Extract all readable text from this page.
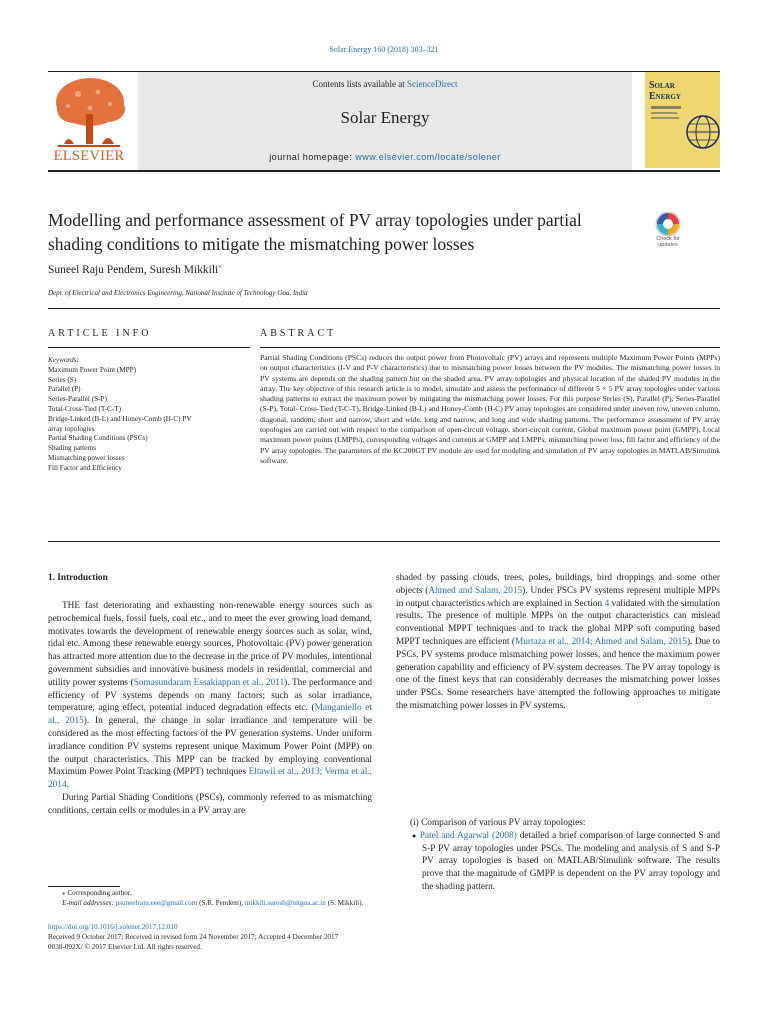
Solar Energy 160 (2018) 303–321
ELSEVIER
Contents lists available at ScienceDirect
Solar Energy
journal homepage: www.elsevier.com/locate/solener
Solar
Energy
Modelling and performance assessment of PV array topologies under partial
shading conditions to mitigate the mismatching power losses	Check for
updates
Suneel Raju Pendem, Suresh Mikkili⁎
Dept. of Electrical and Electronics Engineering, National Institute of Technology Goa, India
ARTICLE INFO	ABSTRACT
Keywords:
Maximum Power Point (MPP)
Series (S)
Parallel (P)
Series-Parallel (S-P)
Total-Cross-Tied (T-C-T)
Bridge-Linked (B-L) and Honey-Comb (H-C) PV
array topologies
Partial Shading Conditions (PSCs)
Shading patterns
Mismatching power losses
Fill Factor and Efficiency
Partial Shading Conditions (PSCs) reduces the output power from Photovoltaic (PV) arrays and represents multiple Maximum Power Points (MPPs) on output characteristics (I-V and P-V characteristics) due to mismatching power losses between the PV modules. The mismatching power losses in PV systems are depends on the shading pattern but on the shaded area, PV array topologies and physical location of the shaded PV modules in the array. The key objective of this research article is to model, simulate and assess the performance of different 5 × 5 PV array topologies under various shading patterns to extract the maximum power by mitigating the mismatching power losses. For this purpose Series (S), Parallel (P), Series-Parallel (S-P), Total- Cross-Tied (T-C-T), Bridge-Linked (B-L) and Honey-Comb (H-C) PV array topologies are considered under uneven row, uneven column, diagonal, random, short and narrow, short and wide, long and narrow, and long and wide shading patterns. The performance assessment of PV array topologies are carried out with respect to the comparison of open-circuit voltage, short-circuit current, Global maximum power point (GMPP), Local maximum power points (LMPPs), corresponding voltages and currents at GMPP and LMPPs, mismatching power loss, fill factor and efficiency of the PV array topologies. The parameters of the KC200GT PV module are used for modeling and simulation of PV array topologies in MATLAB/Simulink software.
1. Introduction

THE fast deteriorating and exhausting non-renewable energy sources such as petrochemical fuels, fossil fuels, coal etc., and to meet the ever growing load demand, motivates towards the development of renewable energy sources such as solar, wind, tidal etc. Among these renewable energy sources, Photovoltaic (PV) power generation has attracted more attention due to the decrease in the price of PV modules, intentional government subsidies and innovative business models in residential, commercial and utility power systems (Somasundaram Essakiappan et al., 2011). The performance and efficiency of PV systems depends on many factors; such as solar irradiance, temperature, aging effect, potential induced degradation effects etc. (Manganiello et al., 2015). In general, the change in solar irradiance and temperature will be considered as the most effecting factors of the PV generation systems. Under uniform irradiance condition PV systems represent unique Maximum Power Point (MPP) on the output characteristics. This MPP can be tracked by employing conventional Maximum Power Point Tracking (MPPT) techniques Eltawil et al., 2013; Verma et al., 2014.

During Partial Shading Conditions (PSCs), commonly referred to as mismatching conditions, certain cells or modules in a PV array are

shaded by passing clouds, trees, poles, buildings, bird droppings and some other objects (Ahmed and Salam, 2015). Under PSCs PV systems represent multiple MPPs in output characteristics which are explained in Section 4 validated with the simulation results. The presence of multiple MPPs on the output characteristics can mislead conventional MPPT techniques and to track the global MPP soft computing based MPPT techniques are efficient (Murtaza et al., 2014; Ahmed and Salam, 2015). Due to PSCs, PV systems produce mismatching power losses, and hence the maximum power generation capability and efficiency of PV system decreases. The PV array topology is one of the finest keys that can considerably decreases the mismatching power losses under PSCs. Some researchers have attempted the following approaches to mitigate the mismatching power losses in PV systems.

(i) Comparison of various PV array topologies:
● Patel and Agarwal (2008) detailed a brief comparison of large connected S and S-P PV array topologies under PSCs. The modeling and analysis of S and S-P PV array topologies is based on MATLAB/Simulink software. The results prove that the magnitude of GMPP is dependent on the PV array topology and the shading pattern.
⁎ Corresponding author.
E-mail addresses: psuneelraju.eee@gmail.com (S.R. Pendem), mikkili.suresh@nitgoa.ac.in (S. Mikkili).
https://doi.org/10.1016/j.solener.2017.12.010
Received 9 October 2017; Received in revised form 24 November 2017; Accepted 4 December 2017
0038-092X/ © 2017 Elsevier Ltd. All rights reserved.
